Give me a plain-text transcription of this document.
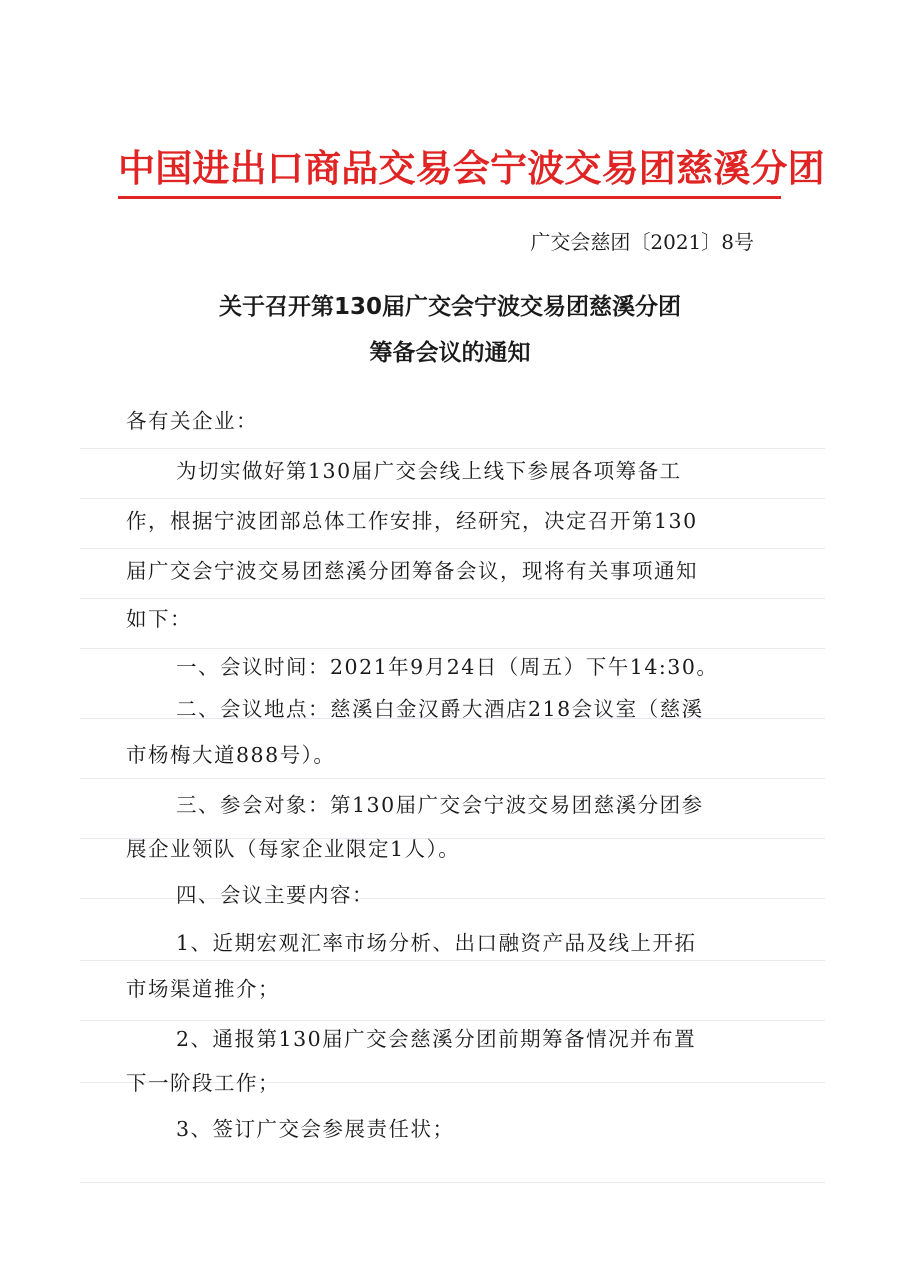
中国进出口商品交易会宁波交易团慈溪分团
广交会慈团〔2021〕8号
关于召开第130届广交会宁波交易团慈溪分团
筹备会议的通知
各有关企业：
为切实做好第130届广交会线上线下参展各项筹备工
作，根据宁波团部总体工作安排，经研究，决定召开第130
届广交会宁波交易团慈溪分团筹备会议，现将有关事项通知
如下：
一、会议时间：2021年9月24日（周五）下午14:30。
二、会议地点：慈溪白金汉爵大酒店218会议室（慈溪
市杨梅大道888号）。
三、参会对象：第130届广交会宁波交易团慈溪分团参
展企业领队（每家企业限定1人）。
四、会议主要内容：
1、近期宏观汇率市场分析、出口融资产品及线上开拓
市场渠道推介；
2、通报第130届广交会慈溪分团前期筹备情况并布置
下一阶段工作；
3、签订广交会参展责任状；
